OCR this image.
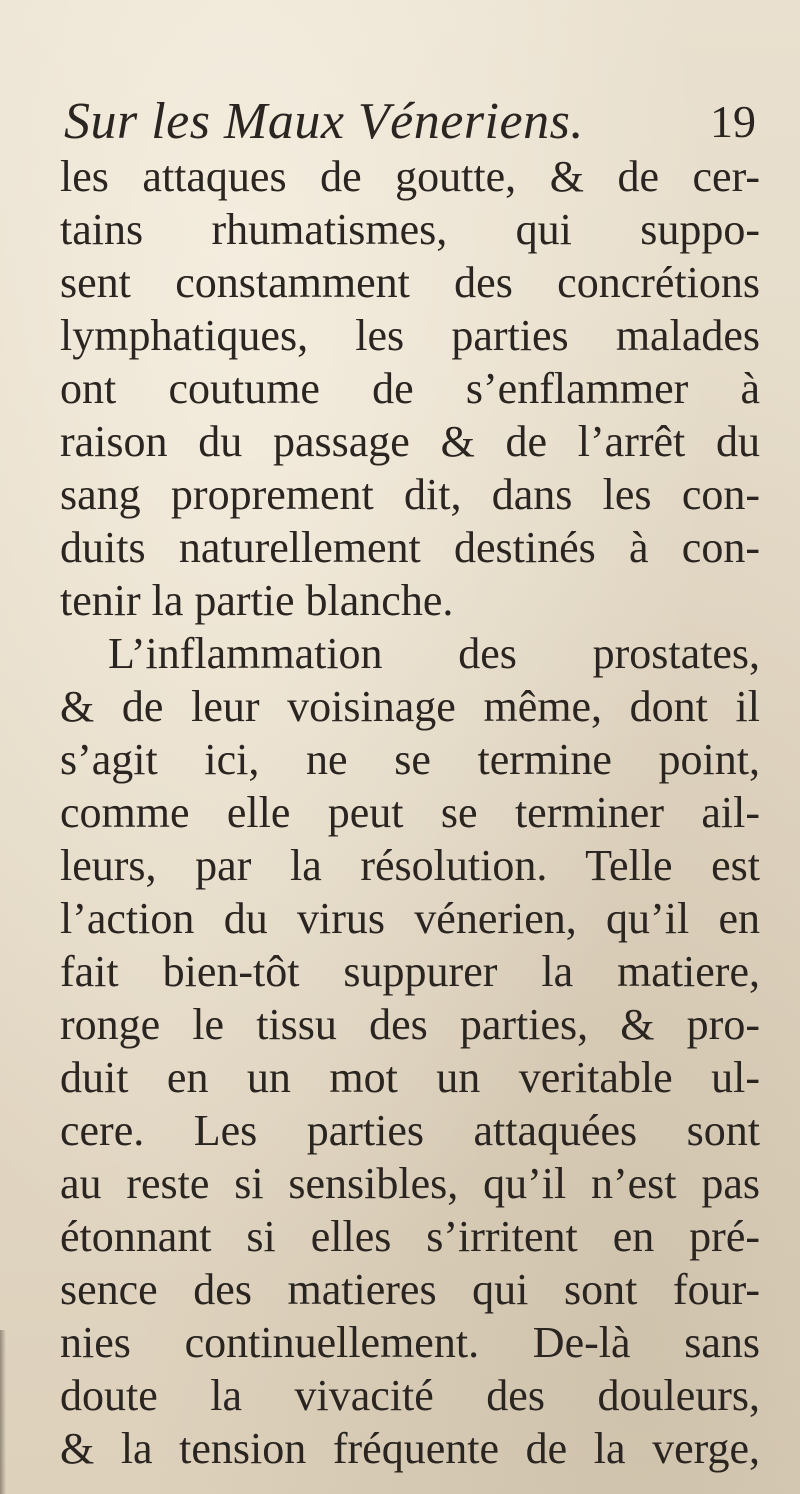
Sur les Maux Véneriens.	19
les attaques de goutte, & de cer-
tains rhumatismes, qui suppo-
sent constamment des concrétions
lymphatiques, les parties malades
ont coutume de s’enflammer à
raison du passage & de l’arrêt du
sang proprement dit, dans les con-
duits naturellement destinés à con-
tenir la partie blanche.
L’inflammation des prostates,
& de leur voisinage même, dont il
s’agit ici, ne se termine point,
comme elle peut se terminer ail-
leurs, par la résolution. Telle est
l’action du virus vénerien, qu’il en
fait bien-tôt suppurer la matiere,
ronge le tissu des parties, & pro-
duit en un mot un veritable ul-
cere. Les parties attaquées sont
au reste si sensibles, qu’il n’est pas
étonnant si elles s’irritent en pré-
sence des matieres qui sont four-
nies continuellement. De-là sans
doute la vivacité des douleurs,
& la tension fréquente de la verge,
